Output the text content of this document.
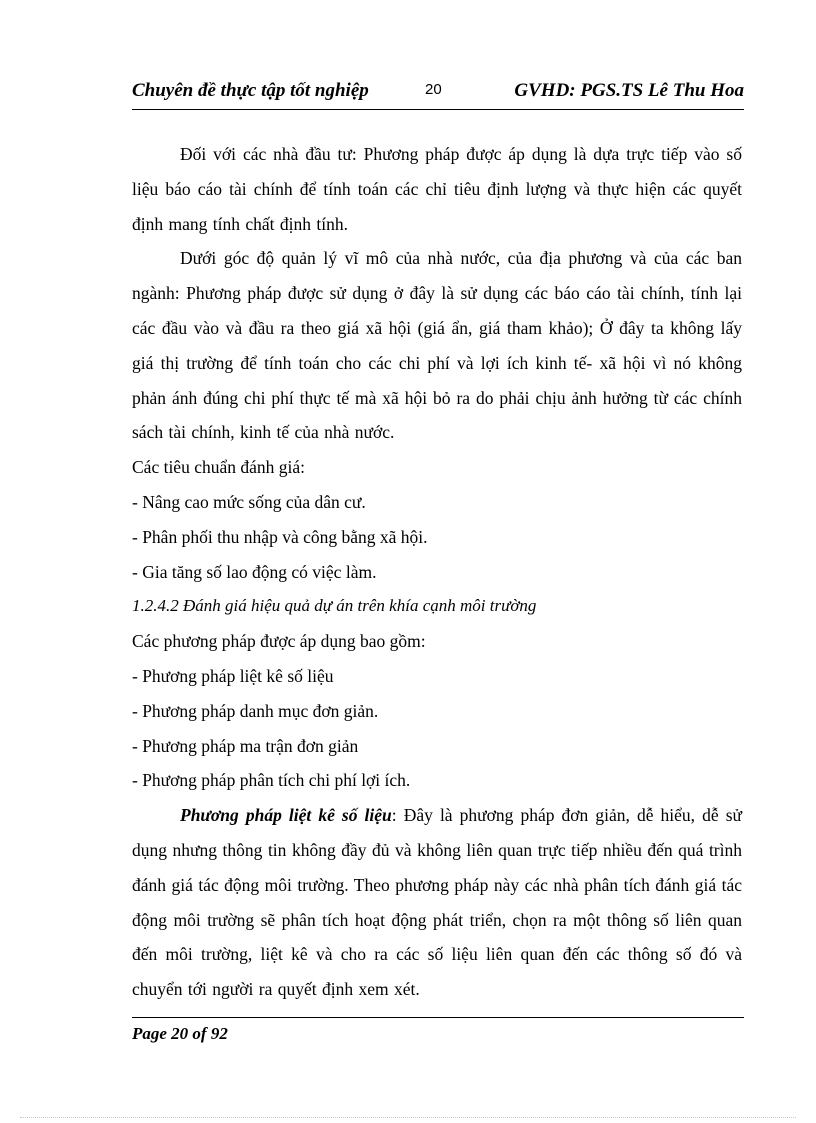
Chuyên đề thực tập tốt nghiệp	20	GVHD: PGS.TS Lê Thu Hoa

Đối với các nhà đầu tư: Phương pháp được áp dụng là dựa trực tiếp vào số liệu báo cáo tài chính để tính toán các chỉ tiêu định lượng và thực hiện các quyết định mang tính chất định tính.

Dưới góc độ quản lý vĩ mô của nhà nước, của địa phương và của các ban ngành: Phương pháp được sử dụng ở đây là sử dụng các báo cáo tài chính, tính lại các đầu vào và đầu ra theo giá xã hội (giá ẩn, giá tham khảo); Ở đây ta không lấy giá thị trường để tính toán cho các chi phí và lợi ích kinh tế- xã hội vì nó không phản ánh đúng chi phí thực tế mà xã hội bỏ ra do phải chịu ảnh hưởng từ các chính sách tài chính, kinh tế của nhà nước.

Các tiêu chuẩn đánh giá:

- Nâng cao mức sống của dân cư.

- Phân phối thu nhập và công bằng xã hội.

- Gia tăng số lao động có việc làm.

1.2.4.2 Đánh giá hiệu quả dự án trên khía cạnh môi trường

Các phương pháp được áp dụng bao gồm:

- Phương pháp liệt kê số liệu

- Phương pháp danh mục đơn giản.

- Phương pháp ma trận đơn giản

- Phương pháp phân tích chi phí lợi ích.

Phương pháp liệt kê số liệu: Đây là phương pháp đơn giản, dễ hiểu, dễ sử dụng nhưng thông tin không đầy đủ và không liên quan trực tiếp nhiều đến quá trình đánh giá tác động môi trường. Theo phương pháp này các nhà phân tích đánh giá tác động môi trường sẽ phân tích hoạt động phát triển, chọn ra một thông số liên quan đến môi trường, liệt kê và cho ra các số liệu liên quan đến các thông số đó và chuyển tới người ra quyết định xem xét.

Page 20 of 92
